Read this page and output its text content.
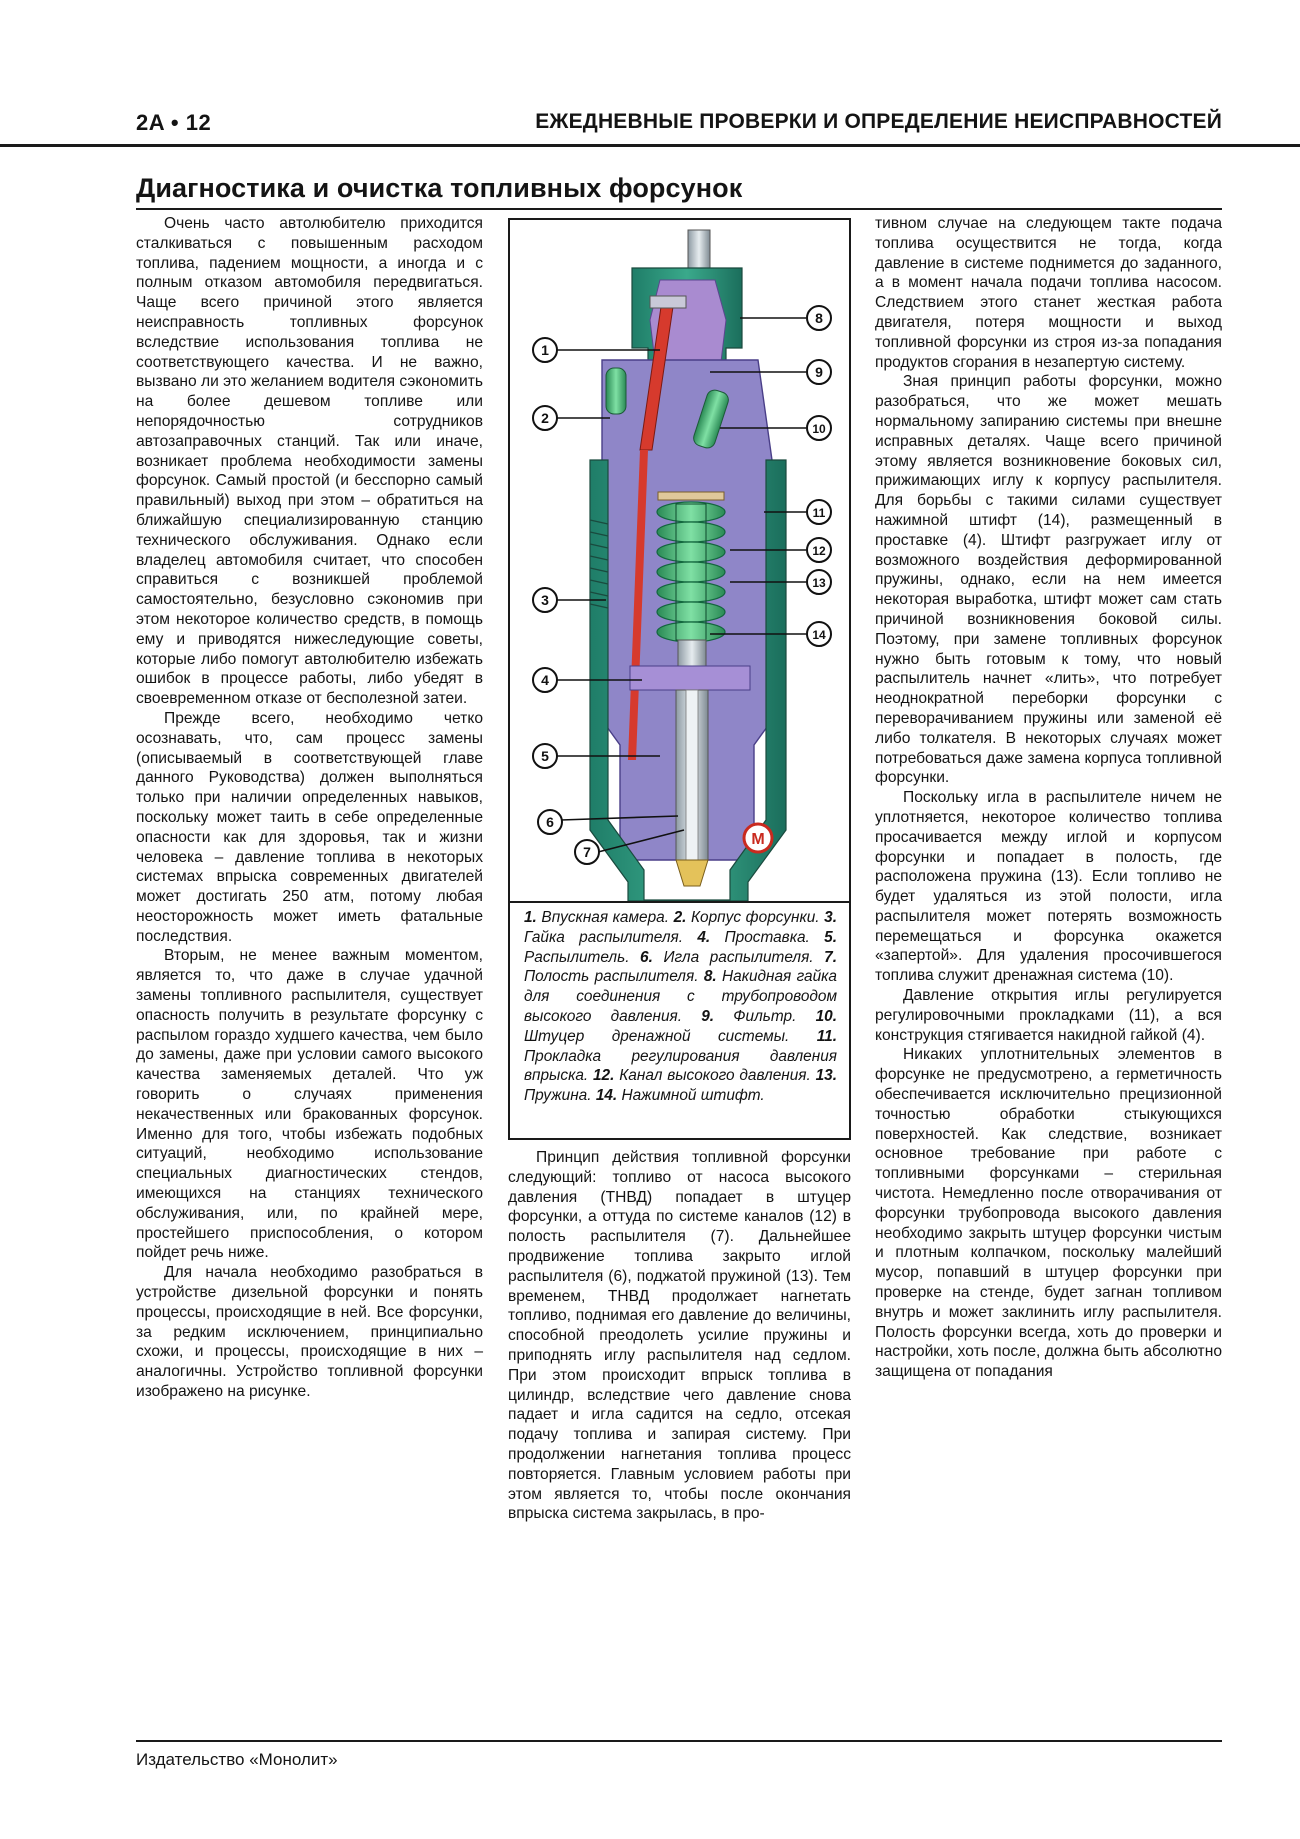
2A • 12	ЕЖЕДНЕВНЫЕ ПРОВЕРКИ И ОПРЕДЕЛЕНИЕ НЕИСПРАВНОСТЕЙ
Диагностика и очистка топливных форсунок

Очень часто автолюбителю приходится сталкиваться с повышенным расходом топлива, падением мощности, а иногда и с полным отказом автомобиля передвигаться. Чаще всего причиной этого является неисправность топливных форсунок вследствие использования топлива не соответствующего качества. И не важно, вызвано ли это желанием водителя сэкономить на более дешевом топливе или непорядочностью сотрудников автозаправочных станций. Так или иначе, возникает проблема необходимости замены форсунок. Самый простой (и бесспорно самый правильный) выход при этом – обратиться на ближайшую специализированную станцию технического обслуживания. Однако если владелец автомобиля считает, что способен справиться с возникшей проблемой самостоятельно, безусловно сэкономив при этом некоторое количество средств, в помощь ему и приводятся нижеследующие советы, которые либо помогут автолюбителю избежать ошибок в процессе работы, либо убедят в своевременном отказе от бесполезной затеи.

Прежде всего, необходимо четко осознавать, что, сам процесс замены (описываемый в соответствующей главе данного Руководства) должен выполняться только при наличии определенных навыков, поскольку может таить в себе определенные опасности как для здоровья, так и жизни человека – давление топлива в некоторых системах впрыска современных двигателей может достигать 250 атм, потому любая неосторожность может иметь фатальные последствия.

Вторым, не менее важным моментом, является то, что даже в случае удачной замены топливного распылителя, существует опасность получить в результате форсунку с распылом гораздо худшего качества, чем было до замены, даже при условии самого высокого качества заменяемых деталей. Что уж говорить о случаях применения некачественных или бракованных форсунок. Именно для того, чтобы избежать подобных ситуаций, необходимо использование специальных диагностических стендов, имеющихся на станциях технического обслуживания, или, по крайней мере, простейшего приспособления, о котором пойдет речь ниже.

Для начала необходимо разобраться в устройстве дизельной форсунки и понять процессы, происходящие в ней. Все форсунки, за редким исключением, принципиально схожи, и процессы, происходящие в них – аналогичны. Устройство топливной форсунки изображено на рисунке.

M
1
2
3
4
5
6
7
8
9
10
11
12
13
14
1. Впускная камера. 2. Корпус форсунки. 3. Гайка распылителя. 4. Проставка. 5. Распылитель. 6. Игла распылителя. 7. Полость распылителя. 8. Накидная гайка для соединения с трубопроводом высокого давления. 9. Фильтр. 10. Штуцер дренажной системы. 11. Прокладка регулирования давления впрыска. 12. Канал высокого давления. 13. Пружина. 14. Нажимной штифт.

Принцип действия топливной форсунки следующий: топливо от насоса высокого давления (ТНВД) попадает в штуцер форсунки, а оттуда по системе каналов (12) в полость распылителя (7). Дальнейшее продвижение топлива закрыто иглой распылителя (6), поджатой пружиной (13). Тем временем, ТНВД продолжает нагнетать топливо, поднимая его давление до величины, способной преодолеть усилие пружины и приподнять иглу распылителя над седлом. При этом происходит впрыск топлива в цилиндр, вследствие чего давление снова падает и игла садится на седло, отсекая подачу топлива и запирая систему. При продолжении нагнетания топлива процесс повторяется. Главным условием работы при этом является то, чтобы после окончания впрыска система закрылась, в про-

тивном случае на следующем такте подача топлива осуществится не тогда, когда давление в системе поднимется до заданного, а в момент начала подачи топлива насосом. Следствием этого станет жесткая работа двигателя, потеря мощности и выход топливной форсунки из строя из-за попадания продуктов сгорания в незапертую систему.

Зная принцип работы форсунки, можно разобраться, что же может мешать нормальному запиранию системы при внешне исправных деталях. Чаще всего причиной этому является возникновение боковых сил, прижимающих иглу к корпусу распылителя. Для борьбы с такими силами существует нажимной штифт (14), размещенный в проставке (4). Штифт разгружает иглу от возможного воздействия деформированной пружины, однако, если на нем имеется некоторая выработка, штифт может сам стать причиной возникновения боковой силы. Поэтому, при замене топливных форсунок нужно быть готовым к тому, что новый распылитель начнет «лить», что потребует неоднократной переборки форсунки с переворачиванием пружины или заменой её либо толкателя. В некоторых случаях может потребоваться даже замена корпуса топливной форсунки.

Поскольку игла в распылителе ничем не уплотняется, некоторое количество топлива просачивается между иглой и корпусом форсунки и попадает в полость, где расположена пружина (13). Если топливо не будет удаляться из этой полости, игла распылителя может потерять возможность перемещаться и форсунка окажется «запертой». Для удаления просочившегося топлива служит дренажная система (10).

Давление открытия иглы регулируется регулировочными прокладками (11), а вся конструкция стягивается накидной гайкой (4).

Никаких уплотнительных элементов в форсунке не предусмотрено, а герметичность обеспечивается исключительно прецизионной точностью обработки стыкующихся поверхностей. Как следствие, возникает основное требование при работе с топливными форсунками – стерильная чистота. Немедленно после отворачивания от форсунки трубопровода высокого давления необходимо закрыть штуцер форсунки чистым и плотным колпачком, поскольку малейший мусор, попавший в штуцер форсунки при проверке на стенде, будет загнан топливом внутрь и может заклинить иглу распылителя. Полость форсунки всегда, хоть до проверки и настройки, хоть после, должна быть абсолютно защищена от попадания

Издательство «Монолит»
